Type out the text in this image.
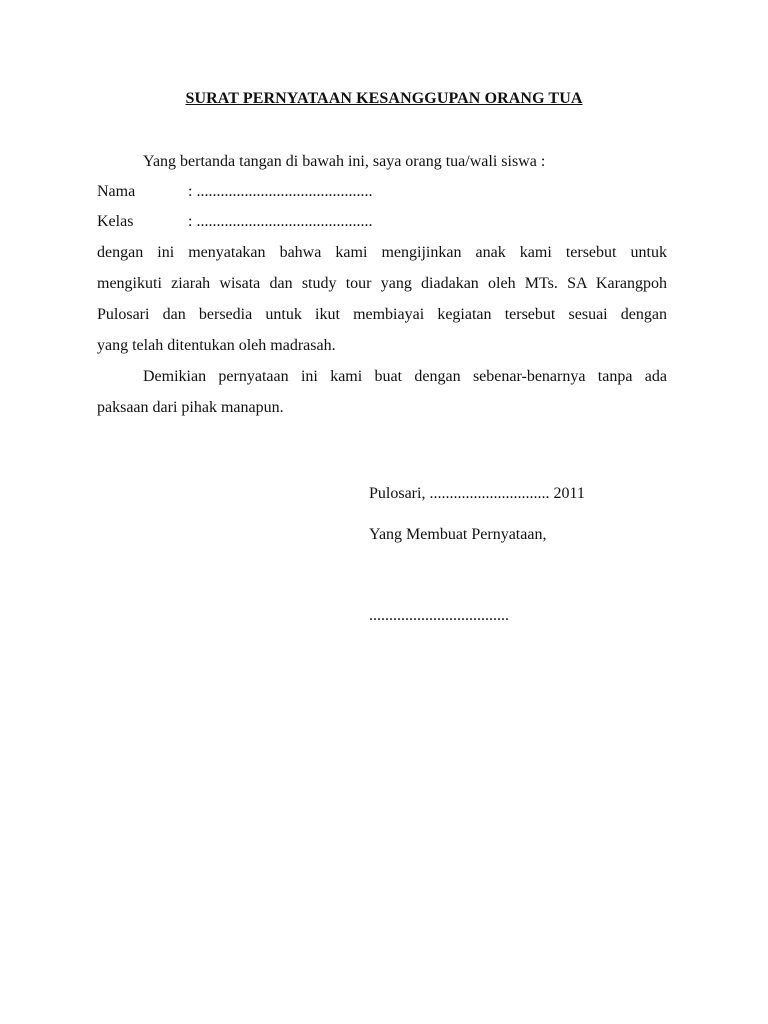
SURAT PERNYATAAN KESANGGUPAN ORANG TUA
Yang bertanda tangan di bawah ini, saya orang tua/wali siswa :
Nama	: ............................................
Kelas	: ............................................
dengan ini menyatakan bahwa kami mengijinkan anak kami tersebut untuk
mengikuti ziarah wisata dan study tour yang diadakan oleh MTs. SA Karangpoh
Pulosari dan bersedia untuk ikut membiayai kegiatan tersebut sesuai dengan
yang telah ditentukan oleh madrasah.
Demikian pernyataan ini kami buat dengan sebenar-benarnya tanpa ada
paksaan dari pihak manapun.
Pulosari, .............................. 2011
Yang Membuat Pernyataan,
...................................
